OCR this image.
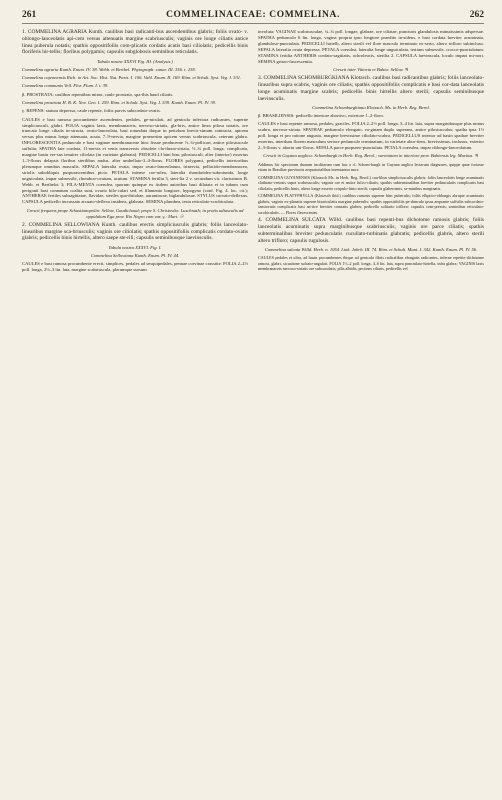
261	COMMELINACEAE: COMMELINA.	262

1. COMMELINA AGRARIA Kunth. caulibus basi radicanti-bus ascendentibus glabris; foliis ovato- v. oblongo-lanceolatis api-cem versus attenuatis margine scabriusculis; vaginis ore longe ciliatis antice linea puberula notatis; spathis oppositifoliis com-plicatis cordatis acutis basi ciliolatis; pedicellis binis floriferis hir-tellis; floribus polygamis; capsulis subglobosis seminibus reticulatis.

Tabula nostra XXXVI Fig. III. (Analysis.)

Commelina agraria Kunth. Enum. IV. 38. Webb. et Berthel. Phytograph. canar. III. 356. t. 238.

Commelina cajennensis Rich. in Act. Soc. Hist. Nat. Paris. I. 106. Vahl. Enum. II. 169. Röm. et Schult. Syst. Veg. I. 531.

Commelina communis Vell. Flor. Flum. I. t. 39.

β. PROSTRATA: caulibus repentibus minor, caule prostrato, spa-this haud ciliatis.

Commelina prostrata H. B. K. Nov. Gen. I. 259. Röm. et Schult. Syst. Veg. I. 539. Kunth. Enum. Pl. IV. 39.

γ. REPENS: statura depressa, caule repente, foliis parvis subcordato-ovatis.

CAULES e basi ramosa procumbente ascendentes, pedales, ge-niculati, ad genicula inferiora radicantes, superne simpliciusculi, glabri. FOLIA vaginis laxis, membranaceis, nervoso-striatis, gla-bris, antice linea pilosa notatis, ore truncato longe ciliatis in-structa, ovato-lanceolata, basi rotundata ibique in petiolum brevis-simum contracta, apicem versus plus minus longe attenuata, acuta, 7–9-nervia, margine praesertim apicem versus scabriuscula, ceterum glabra. INFLORESCENTIA pedunculo e basi vaginae membranaceae hinc fissae producente ½–¾-pollicari, antice pilosiuscule suffulta; SPATHA late cordata, 11-nervia et venis transversis obsolete cla-thrato-striata, ½–¾ poll. longa, complicata, margine basin ver-sus tenuiter ciliolata (in varietate glabrata). PEDICELLI bini hinc pilosiusculi, alter (interior) exsertus 1–3-florus delapsis floribus sterilibus nudus, alter umbellato-3–4-florus. FLORES polygami, pedicellis interioribus plerumque omnibus masculis. SEPALA lateralia ovata, impar ovato-lanceolatum, trinervia, pellucido-membranacea, striolis subobliquis purpurascentibus picta. PETALA intense coe-rulea, lateralia rhomboideo-subrotunda, longe unguiculata, impar subsessile, rhomboo-ovatum, acutum. STAMINA fertilia 3, steri-lia 2 v. secundum vir. clarissimos B. Webb. et Berthelot 3; FILA-MENTA coerulea, quorum quinque ex iisdem autoribus basi dilatata et in tubum cum perigonii basi connatum coalita sunt, ovario bilo-culari sed, et filamento longiore, hypogyno (conf. Fig. 4. loc. cit.); ANTHERAE fertiles subsagittatae, flavidae, steriles qua-dritobae, aurantiacae, biglandulosae. STYLUS curvato-deflexus. CAPSULA pedicello incrassato arcuato-deflexo insidens, glabrata. SEMINA plumbea, testa reticulato-scrobiculata.

Crescit frequens prope Schastianopolin: Sellow, Gaudichaud; prope S. Christovão: Luschnath; in pratis udiusculis ad oppidulum Ega prov. Rio Negro cum var. γ.: Mart. ☉

2. COMMELINA SELLOWIANA Kunth. caulibus erectis simpliciusculis glabris; foliis lanceolato-linearibus margine sca-briusculis; vaginis ore ciliolatis; spathis oppositifoliis complicatis cordato-ovatis glabris; pedicellis binis hirtellis, altero saepe ste-rili; capsulis seminibusque laevinsculis.

Tabula nostra XXXVI. Fig. I.

Commelina Sellowiana Kunth. Enum. Pl. IV. 44.

CAULES e basi ramosa procumbente erecti, simplices, pedales ad sesquipedales, pennae corvinae crassitie. FOLIA 2–2½ poll. longa, 2½–3 lin. lata, margine scabriuscula, plerumque sursum

involuta; VAGINAE scabriusculae, ¼–¾ poll. longae, glabrae, ore ciliatae, puncturis glandulosis minutissimis adspersae. SPATHA pedunculo 6 lin. longo, vagina propria ipso longiore praedito in-sidens, e basi cordata breviter acuminata, glanduloso-punctulata. PEDICELLI hirtelli, altero sterili vel flore masculo terminato ex-serto, altero trifloro subincluso. SEPALA lateralia ovata depressa. PETALA coerulea, lateralia longe unguiculata, tertium subsessile, crocco-punctulatum. STAMINA fertilia ANTHERIS cordato-sagittatis, ochroleucis, sterilia 2. CAPSULA laevinscula, loculo impari mi-nori. SEMINA griseo-fuscescentia.

Crescit inter Vittoria et Bahia: Sellow. ♃

3. COMMELINA SCHOMBURGKIANA Klotzsch. caulibus basi radicantibus glabris; foliis lanceolato-linearibus supra scabris, vaginis ore ciliatis; spathis oppositifoliis complicatis e basi cor-data lanceolatis longe acuminatis margine scabris; pedicellis binis hirtellis altero sterili; capsulis seminibusque laevinsculis.

Commelina Schomburghiana Klotzsch. Ms. in Herb. Reg. Berol.

β. BRASILIENSIS: pedicello interiore abortivo, exteriore 1–2-floro.

CAULES e basi repente ramosa, pedales, graciles. FOLIA 2–2½ poll. longa, 3–4 lin. lata, supra marginibusque plus minus scabra, nervoso-striata. SPATHAE pedunculo elongato, va-ginam duplo superans, antice pilosiusculus; spatha ipsa 1½ poll. longa et pro ratione angusta, margine brevissime ciliolato-scabra. PEDICELLUS interior ad basin spathae breviter exsertus, interdum florem masculum seriore pedunculo terminatum, in varietate abor-tiens, brevissimus, inclusus, exterior 2–3-florus v. abortu uni-florus. SEPALA parce purpureo-punctulata. PETALA coerulea, impar oblongo-lanceolatum.

Crescit in Guyana anglica: Schomburgk in Herb. Reg. Berol.; varietatem in interiore prov. Bahiensis leg. Martius. ♃

Addimus hic speciorum duarum incditarum cum hac a cl. Schom-burgk in Guyana anglica lectarum diagnoses, quippe quae fortasse etiam in Brasiliae provinciis aequatorialibus inveniantur mox:

COMMELINA GUYANENSIS (Klotzsch Ms. in Herb. Reg. Berol.) cau-libus simpliciusculis glabris; foliis lanceolatis longe acuminatis clathrato-venosis supra scabriusculis; vaginis ore et antice fulvo-ciliatis; spathis subterminalibus breviter pedunculatis complicatis basi ciliolatis; pedicellis binis, altero longe exserto crispulo-hirto sterili; capsulis glaberrimis, se-minibus marginatis.

COMMELINA PLATYPHYLLA (Klotzsch ibid.) caulibus ramosis superne hinc puberulis; foliis elliptico-oblongis abrupte acuminatis glabris; vaginis ex-planatis superne bisariculatis margine puberulis; spathis oppositifoliis pe-dunculo ipsas aequante suffultis subcordato-semiovatis complicatis basi an-tice breviter connatis glabris; pedicello solitario trifloro; capsulis com-pressis; seminibus reticulato-scrobiculatis. — Flores flavescentes.

4. COMMELINA SULCATA Willd. caulibus basi repenti-bus dichotome ramosis glabris; foliis lanceolatis acuminatis supra marginibusque scabriusculis, vaginis ore parce ciliatis; spathis subterminalibus breviter pedunculatis cucullato-turbinatis glabratis; pedicellis glabris, altero sterili altero trifloro; capsulis rugulosis.

Commelina sulcata Willd. Herb. n. 1054. Link. Jahrb. III. 74. Röm. et Schult. Mant. I. 342. Kunth. Enum. Pl. IV. 56.

CAULES pedales et ultra, ad basin procumbentes ibique ad genicula fibris radicalibus elongatis radicantes, inferne repetite-dichotome ramosi, glabri, sicuatione sulcato-angulati. FOLIA 1½–2 poll. longa, 4–6 lin. lata, supra punctulato-hirtella, infra glabra; VAGINIS laxis membranaceis nervoso-striatis ore subcuculatis, pilis albidis, pectines ciliatis, pedicellis vel
